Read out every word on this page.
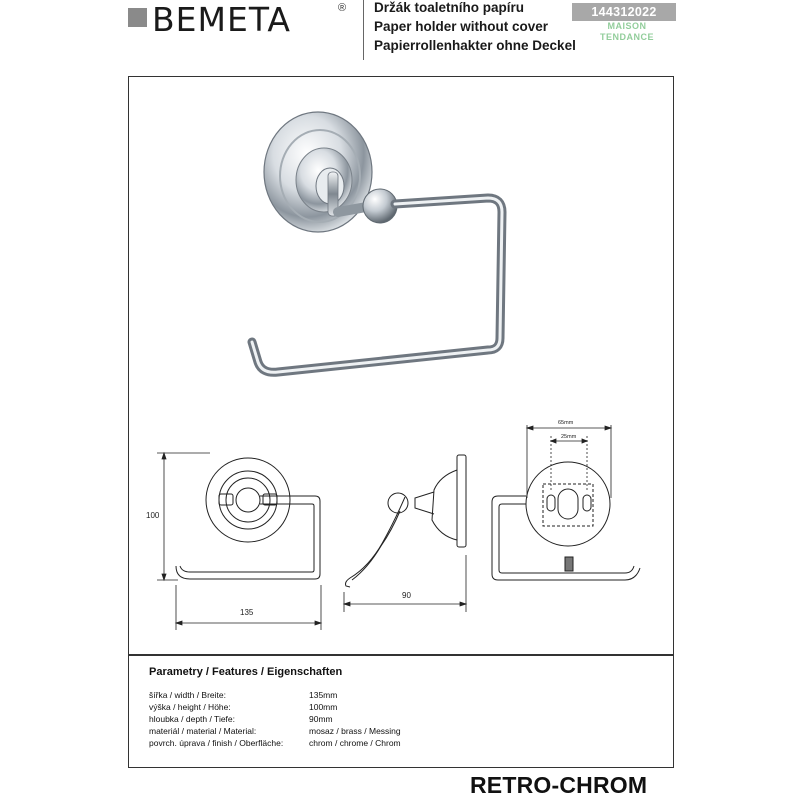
BEMETA	® Držák toaletního papíru
Paper holder without cover
Papierrollenhakter ohne Deckel
144312022
MAISON
TENDANCE
100
135
90
65mm
25mm
Parametry / Features / Eigenschaften
šířka / width / Breite:	135mm
výška / height / Höhe:	100mm
hloubka / depth / Tiefe:	90mm
materiál / material / Material:	mosaz / brass / Messing
povrch. úprava / finish / Oberfläche:	chrom / chrome / Chrom
RETRO-CHROM
